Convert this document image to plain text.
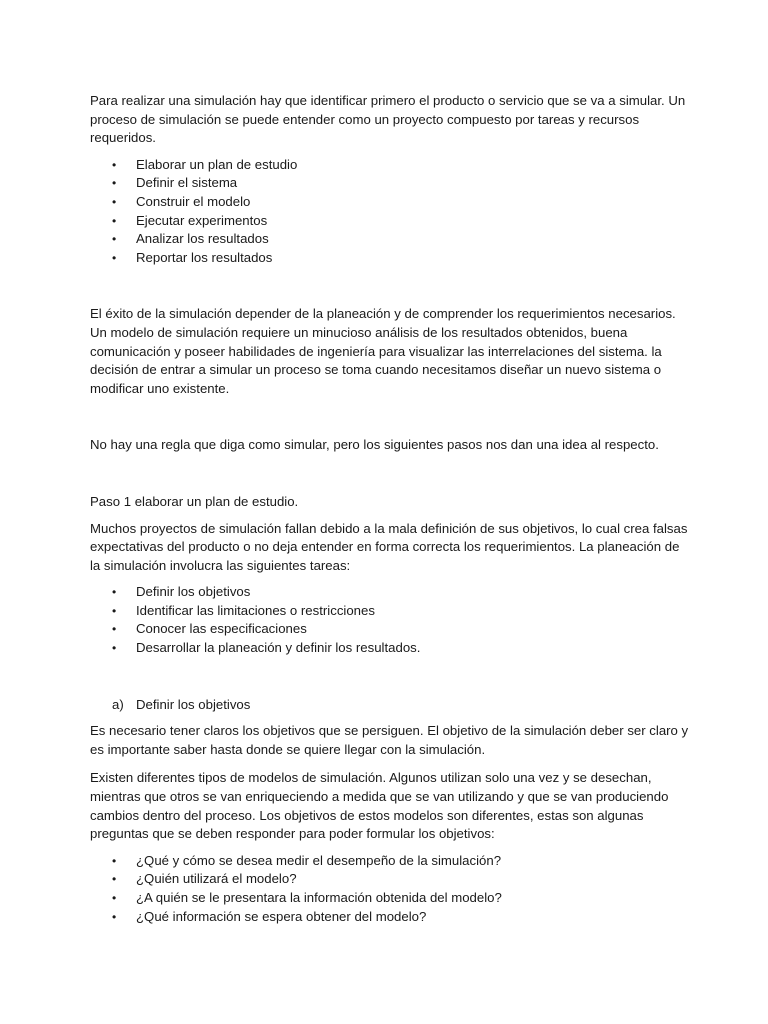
Para realizar una simulación hay que identificar primero el producto o servicio que se va a simular. Un proceso de simulación se puede entender como un proyecto compuesto por tareas y recursos requeridos.

• Elaborar un plan de estudio
• Definir el sistema
• Construir el modelo
• Ejecutar experimentos
• Analizar los resultados
• Reportar los resultados

El éxito de la simulación depender de la planeación y de comprender los requerimientos necesarios. Un modelo de simulación requiere un minucioso análisis de los resultados obtenidos, buena comunicación y poseer habilidades de ingeniería para visualizar las interrelaciones del sistema. la decisión de entrar a simular un proceso se toma cuando necesitamos diseñar un nuevo sistema o modificar uno existente.

No hay una regla que diga como simular, pero los siguientes pasos nos dan una idea al respecto.

Paso 1 elaborar un plan de estudio.

Muchos proyectos de simulación fallan debido a la mala definición de sus objetivos, lo cual crea falsas expectativas del producto o no deja entender en forma correcta los requerimientos. La planeación de la simulación involucra las siguientes tareas:

• Definir los objetivos
• Identificar las limitaciones o restricciones
• Conocer las especificaciones
• Desarrollar la planeación y definir los resultados.
a) Definir los objetivos

Es necesario tener claros los objetivos que se persiguen. El objetivo de la simulación deber ser claro y es importante saber hasta donde se quiere llegar con la simulación.

Existen diferentes tipos de modelos de simulación. Algunos utilizan solo una vez y se desechan, mientras que otros se van enriqueciendo a medida que se van utilizando y que se van produciendo cambios dentro del proceso. Los objetivos de estos modelos son diferentes, estas son algunas preguntas que se deben responder para poder formular los objetivos:

• ¿Qué y cómo se desea medir el desempeño de la simulación?
• ¿Quién utilizará el modelo?
• ¿A quién se le presentara la información obtenida del modelo?
• ¿Qué información se espera obtener del modelo?
